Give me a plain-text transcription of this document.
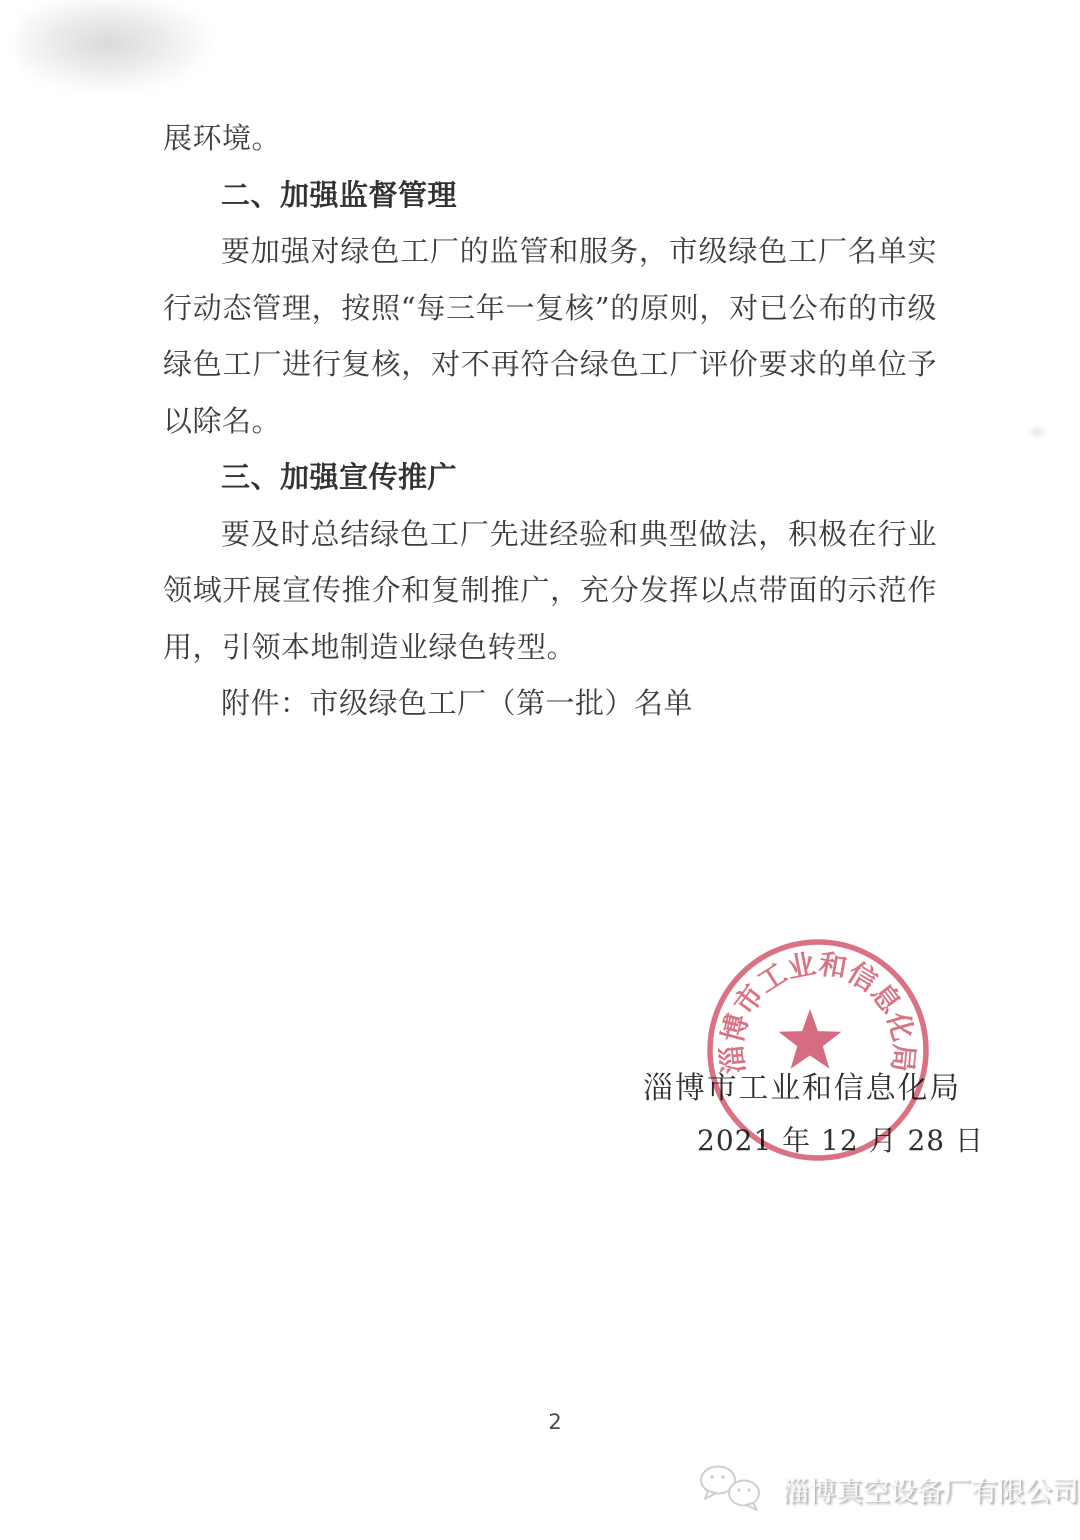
展环境。

二、加强监督管理

要加强对绿色工厂的监管和服务，市级绿色工厂名单实行动态管理，按照“每三年一复核”的原则，对已公布的市级绿色工厂进行复核，对不再符合绿色工厂评价要求的单位予以除名。

三、加强宣传推广

要及时总结绿色工厂先进经验和典型做法，积极在行业领域开展宣传推介和复制推广，充分发挥以点带面的示范作用，引领本地制造业绿色转型。

附件：市级绿色工厂（第一批）名单

淄博市工业和信息化局
2021 年 12 月 28 日
淄博市工业和信息化局
2
淄博真空设备厂有限公司
